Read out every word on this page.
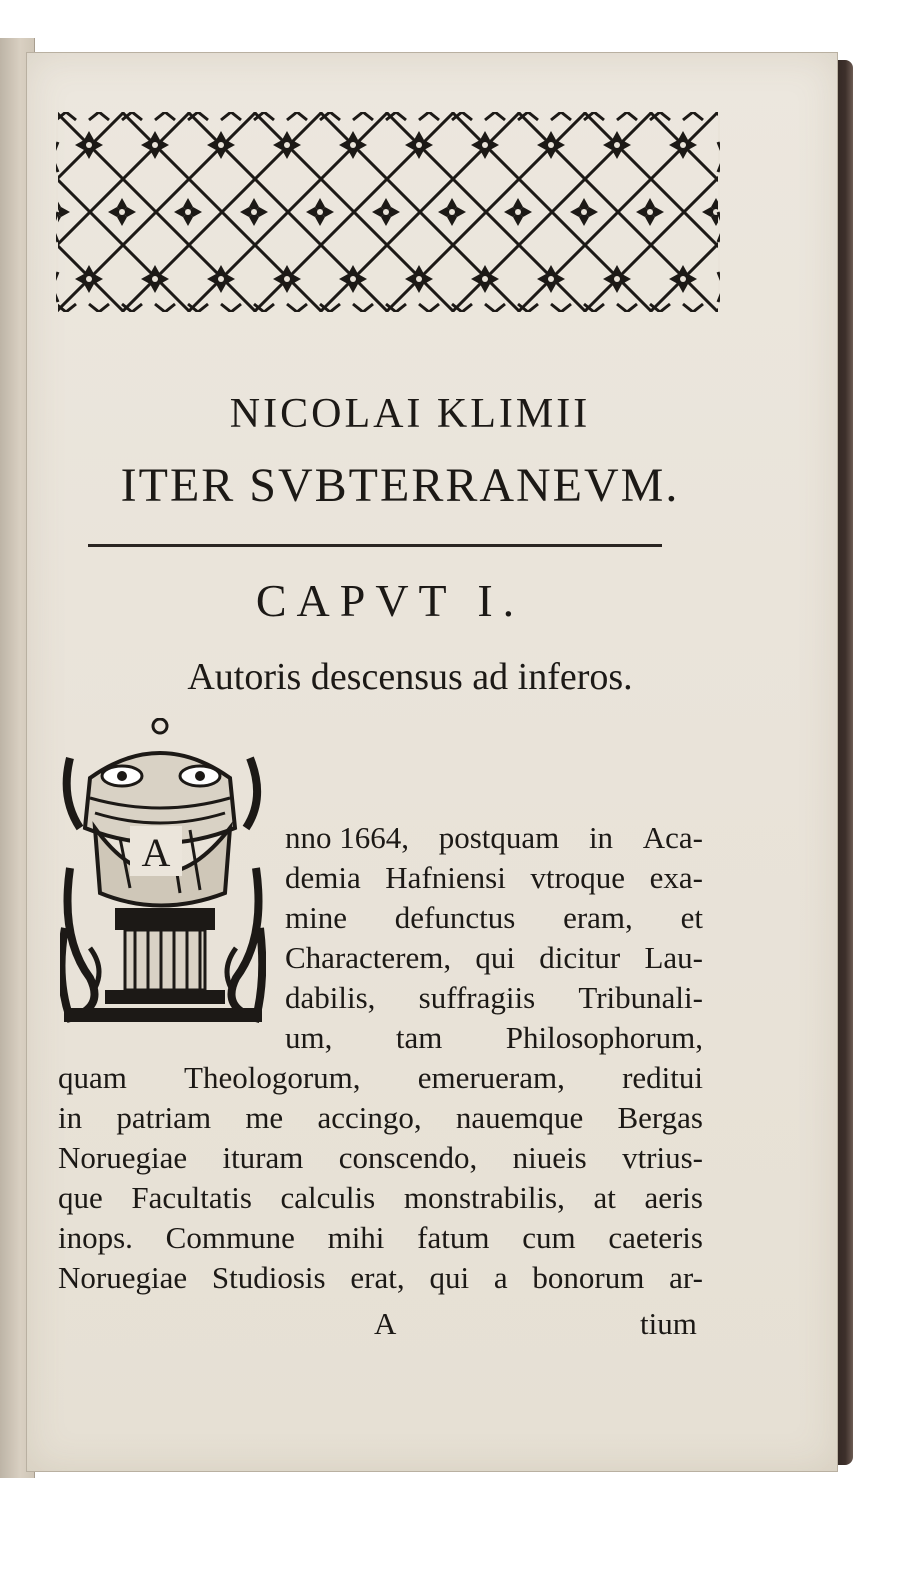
NICOLAI KLIMII
ITER SVBTERRANEVM.
CAPVT I.
Autoris descensus ad inferos.
A	nno 1664, postquam in Aca-
demia Hafniensi vtroque exa-
mine defunctus eram, et
Characterem, qui dicitur Lau-
dabilis, suffragiis Tribunali-
um, tam Philosophorum,
quam Theologorum, emerueram, reditui
in patriam me accingo, nauemque Bergas
Noruegiae ituram conscendo, niueis vtrius-
que Facultatis calculis monstrabilis, at aeris
inops. Commune mihi fatum cum caeteris
Noruegiae Studiosis erat, qui a bonorum ar-
A	tium
